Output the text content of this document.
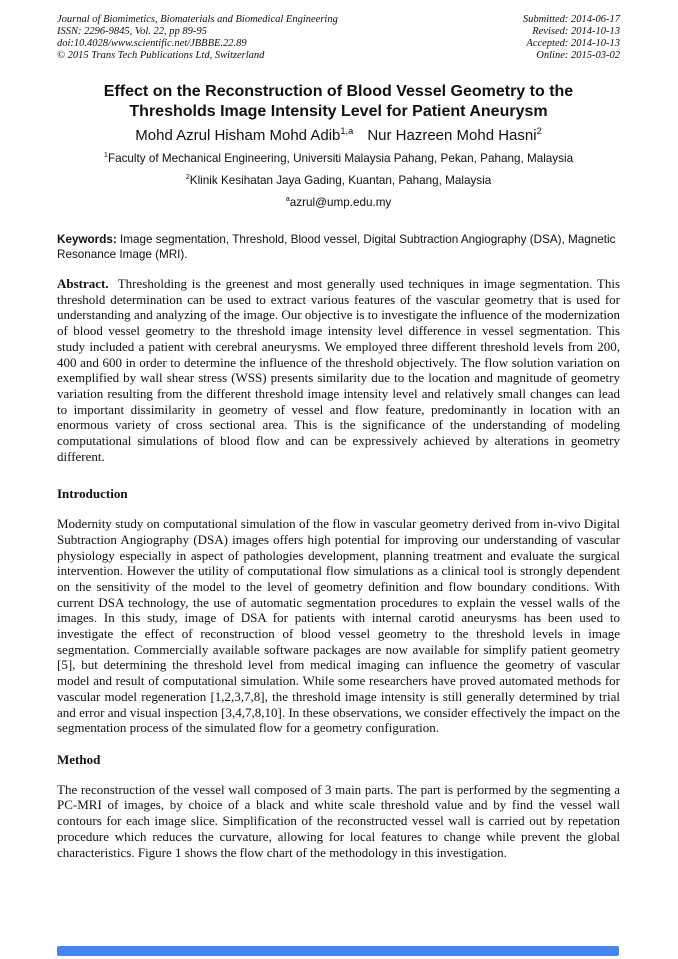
Journal of Biomimetics, Biomaterials and Biomedical Engineering
ISSN: 2296-9845, Vol. 22, pp 89-95
doi:10.4028/www.scientific.net/JBBBE.22.89
© 2015 Trans Tech Publications Ltd, Switzerland
Submitted: 2014-06-17
Revised: 2014-10-13
Accepted: 2014-10-13
Online: 2015-03-02
Effect on the Reconstruction of Blood Vessel Geometry to the Thresholds Image Intensity Level for Patient Aneurysm
Mohd Azrul Hisham Mohd Adib$^{1,a}$ Nur Hazreen Mohd Hasni$^2$
$^1$Faculty of Mechanical Engineering, Universiti Malaysia Pahang, Pekan, Pahang, Malaysia
$^2$Klinik Kesihatan Jaya Gading, Kuantan, Pahang, Malaysia
$^a$azrul@ump.edu.my
Keywords: Image segmentation, Threshold, Blood vessel, Digital Subtraction Angiography (DSA), Magnetic Resonance Image (MRI).

Abstract. Thresholding is the greenest and most generally used techniques in image segmentation. This threshold determination can be used to extract various features of the vascular geometry that is used for understanding and analyzing of the image. Our objective is to investigate the influence of the modernization of blood vessel geometry to the threshold image intensity level difference in vessel segmentation. This study included a patient with cerebral aneurysms. We employed three different threshold levels from 200, 400 and 600 in order to determine the influence of the threshold objectively. The flow solution variation on exemplified by wall shear stress (WSS) presents similarity due to the location and magnitude of geometry variation resulting from the different threshold image intensity level and relatively small changes can lead to important dissimilarity in geometry of vessel and flow feature, predominantly in location with an enormous variety of cross sectional area. This is the significance of the understanding of modeling computational simulations of blood flow and can be expressively achieved by alterations in geometry different.

Introduction

Modernity study on computational simulation of the flow in vascular geometry derived from in-vivo Digital Subtraction Angiography (DSA) images offers high potential for improving our understanding of vascular physiology especially in aspect of pathologies development, planning treatment and evaluate the surgical intervention. However the utility of computational flow simulations as a clinical tool is strongly dependent on the sensitivity of the model to the level of geometry definition and flow boundary conditions. With current DSA technology, the use of automatic segmentation procedures to explain the vessel walls of the images. In this study, image of DSA for patients with internal carotid aneurysms has been used to investigate the effect of reconstruction of blood vessel geometry to the threshold levels in image segmentation. Commercially available software packages are now available for simplify patient geometry [5], but determining the threshold level from medical imaging can influence the geometry of vascular model and result of computational simulation. While some researchers have proved automated methods for vascular model regeneration [1,2,3,7,8], the threshold image intensity is still generally determined by trial and error and visual inspection [3,4,7,8,10]. In these observations, we consider effectively the impact on the segmentation process of the simulated flow for a geometry configuration.

Method

The reconstruction of the vessel wall composed of 3 main parts. The part is performed by the segmenting a PC-MRI of images, by choice of a black and white scale threshold value and by find the vessel wall contours for each image slice. Simplification of the reconstructed vessel wall is carried out by repetation procedure which reduces the curvature, allowing for local features to change while prevent the global characteristics. Figure 1 shows the flow chart of the methodology in this investigation.
